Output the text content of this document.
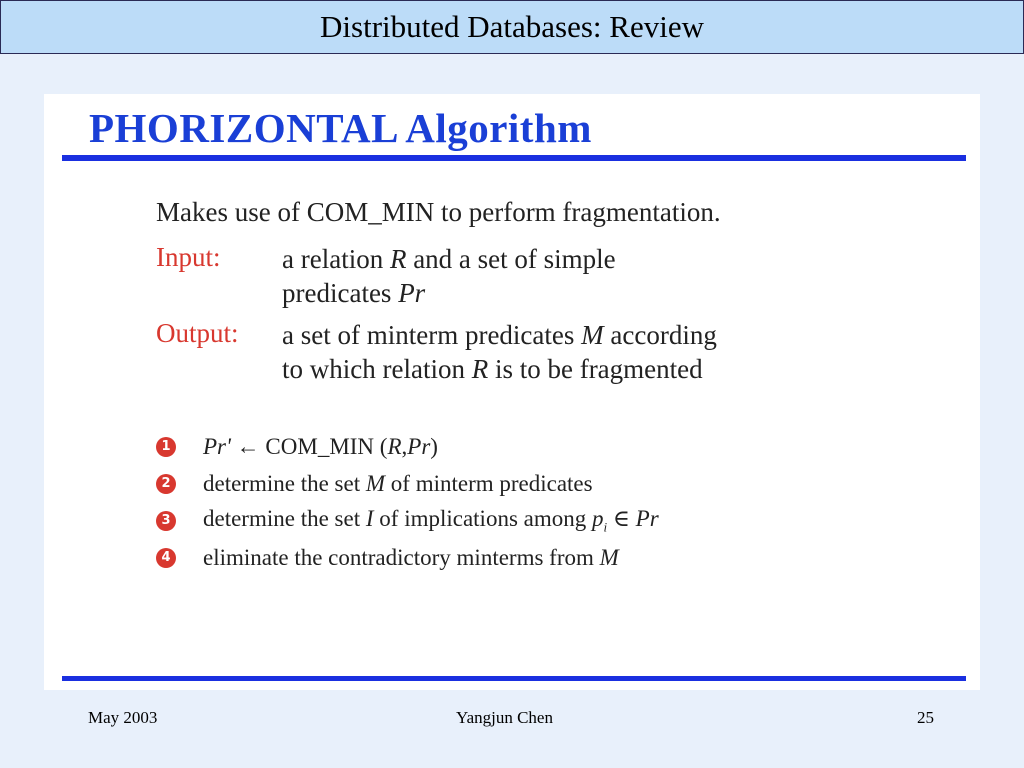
Distributed Databases: Review
PHORIZONTAL Algorithm
Makes use of COM_MIN to perform fragmentation.
Input: a relation R and a set of simple
predicates Pr
Output: a set of minterm predicates M according
to which relation R is to be fragmented
1 Pr' ← COM_MIN (R,Pr)
2 determine the set M of minterm predicates
3 determine the set I of implications among $p_i$ ∈ Pr
4 eliminate the contradictory minterms from M
May 2003	Yangjun Chen	25
